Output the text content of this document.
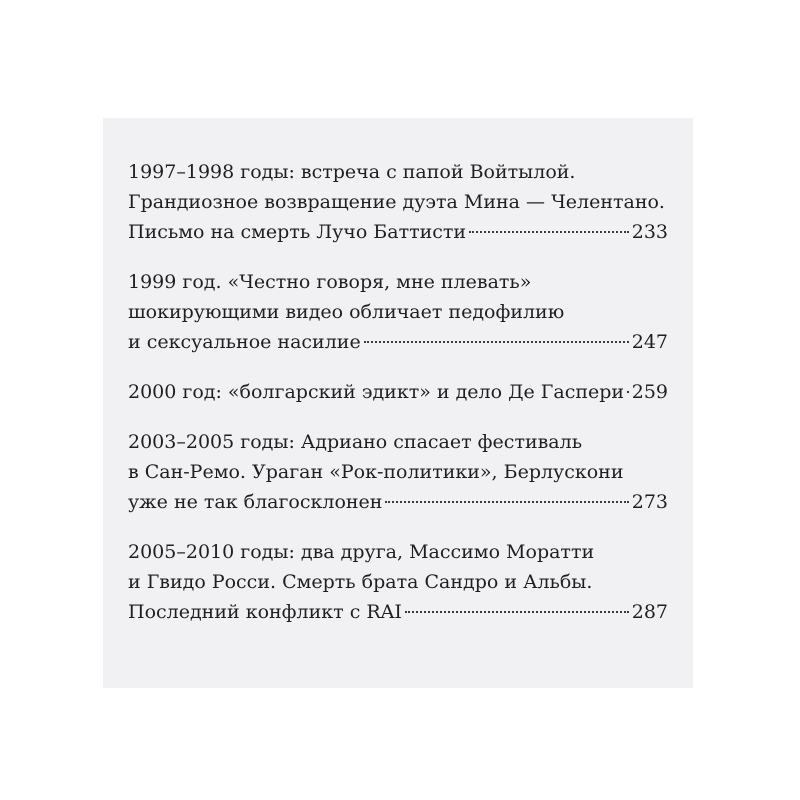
1997–1998 годы: встреча с папой Войтылой.
Грандиозное возвращение дуэта Мина — Челентано.
Письмо на смерть Лучо Баттисти	233
1999 год. «Честно говоря, мне плевать»
шокирующими видео обличает педофилию
и сексуальное насилие	247
2000 год: «болгарский эдикт» и дело Де Гаспери 259
2003–2005 годы: Адриано спасает фестиваль
в Сан-Ремо. Ураган «Рок-политики», Берлускони
уже не так благосклонен	273
2005–2010 годы: два друга, Массимо Моратти
и Гвидо Росси. Смерть брата Сандро и Альбы.
Последний конфликт с RAI	287
